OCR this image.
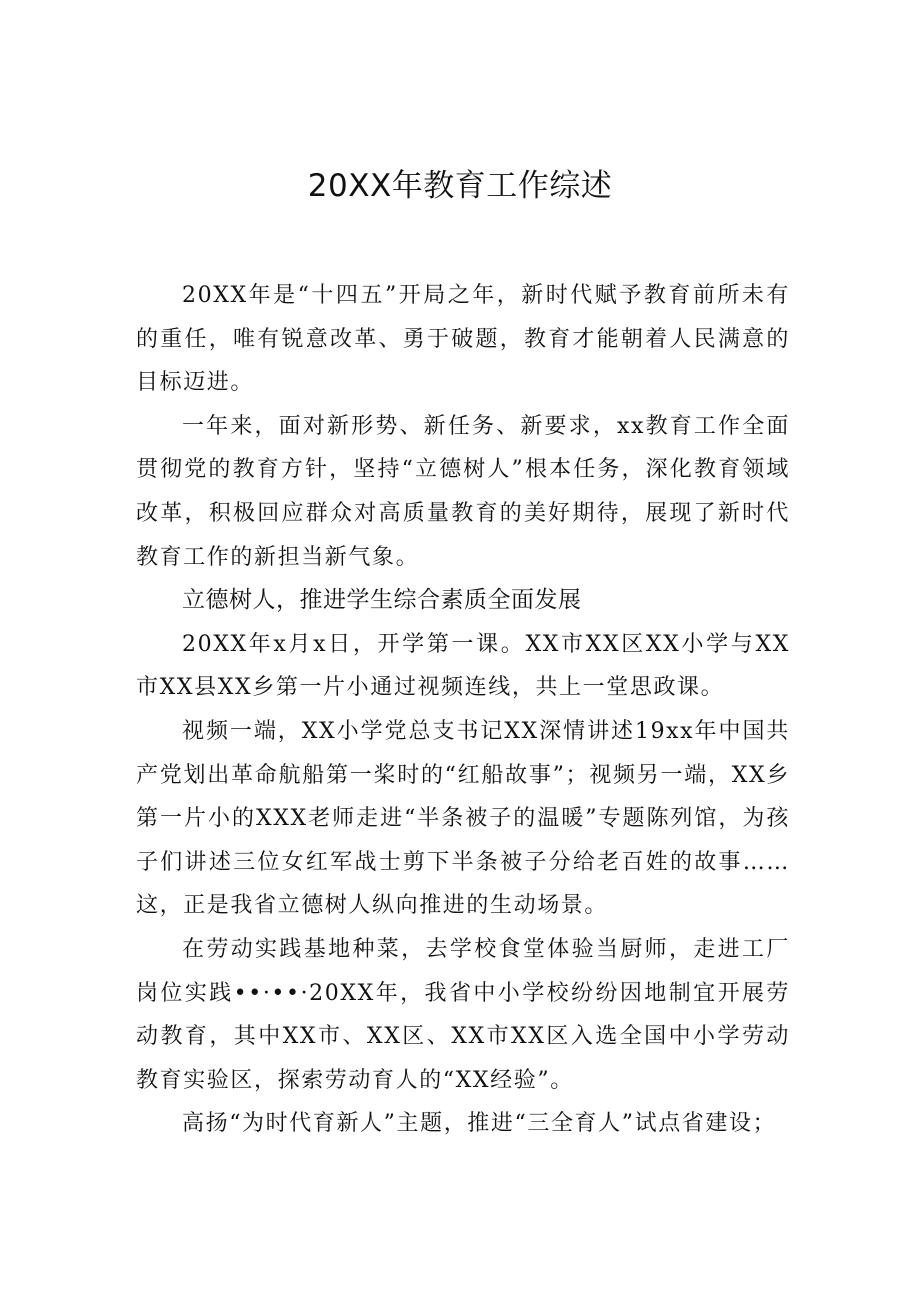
20XX年教育工作综述

20XX年是“十四五”开局之年，新时代赋予教育前所未有的重任，唯有锐意改革、勇于破题，教育才能朝着人民满意的目标迈进。

一年来，面对新形势、新任务、新要求，xx教育工作全面贯彻党的教育方针，坚持“立德树人”根本任务，深化教育领域改革，积极回应群众对高质量教育的美好期待，展现了新时代教育工作的新担当新气象。

立德树人，推进学生综合素质全面发展

20XX年x月x日，开学第一课。XX市XX区XX小学与XX市XX县XX乡第一片小通过视频连线，共上一堂思政课。

视频一端，XX小学党总支书记XX深情讲述19xx年中国共产党划出革命航船第一桨时的“红船故事”；视频另一端，XX乡第一片小的XXX老师走进“半条被子的温暖”专题陈列馆，为孩子们讲述三位女红军战士剪下半条被子分给老百姓的故事……这，正是我省立德树人纵向推进的生动场景。

在劳动实践基地种菜，去学校食堂体验当厨师，走进工厂岗位实践••·••·20XX年，我省中小学校纷纷因地制宜开展劳动教育，其中XX市、XX区、XX市XX区入选全国中小学劳动教育实验区，探索劳动育人的“XX经验”。

高扬“为时代育新人”主题，推进“三全育人”试点省建设；
